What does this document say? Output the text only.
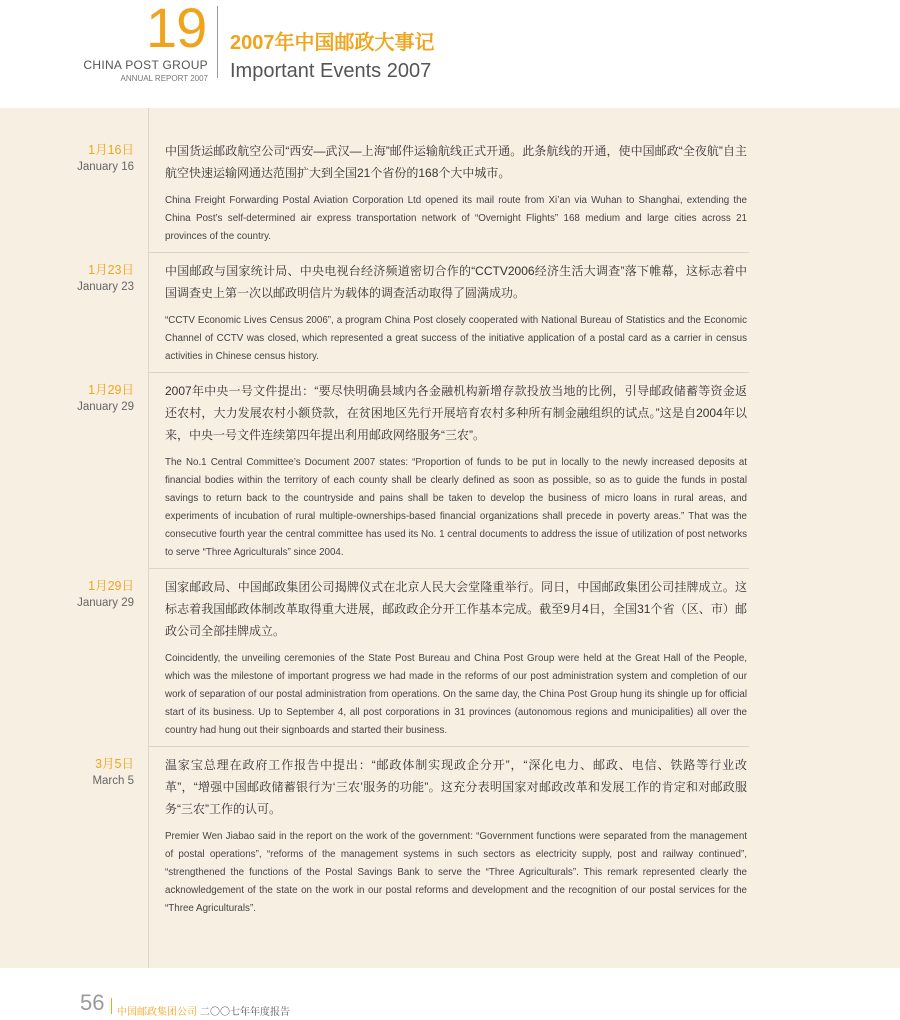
19
CHINA POST GROUP
ANNUAL REPORT 2007
2007年中国邮政大事记
Important Events 2007
1月16日
January 16

中国货运邮政航空公司“西安—武汉—上海”邮件运输航线正式开通。此条航线的开通，使中国邮政“全夜航”自主航空快速运输网通达范围扩大到全国21个省份的168个大中城市。

China Freight Forwarding Postal Aviation Corporation Ltd opened its mail route from Xi’an via Wuhan to Shanghai, extending the China Post’s self-determined air express transportation network of “Overnight Flights” 168 medium and large cities across 21 provinces of the country.

1月23日
January 23

中国邮政与国家统计局、中央电视台经济频道密切合作的“CCTV2006经济生活大调查”落下帷幕，这标志着中国调查史上第一次以邮政明信片为载体的调查活动取得了圆满成功。

“CCTV Economic Lives Census 2006”, a program China Post closely cooperated with National Bureau of Statistics and the Economic Channel of CCTV was closed, which represented a great success of the initiative application of a postal card as a carrier in census activities in Chinese census history.

1月29日
January 29

2007年中央一号文件提出：“要尽快明确县域内各金融机构新增存款投放当地的比例，引导邮政储蓄等资金返还农村，大力发展农村小额贷款，在贫困地区先行开展培育农村多种所有制金融组织的试点。”这是自2004年以来，中央一号文件连续第四年提出利用邮政网络服务“三农”。

The No.1 Central Committee’s Document 2007 states: “Proportion of funds to be put in locally to the newly increased deposits at financial bodies within the territory of each county shall be clearly defined as soon as possible, so as to guide the funds in postal savings to return back to the countryside and pains shall be taken to develop the business of micro loans in rural areas, and experiments of incubation of rural multiple-ownerships-based financial organizations shall precede in poverty areas.” That was the consecutive fourth year the central committee has used its No. 1 central documents to address the issue of utilization of post networks to serve “Three Agriculturals” since 2004.

1月29日
January 29

国家邮政局、中国邮政集团公司揭牌仪式在北京人民大会堂隆重举行。同日，中国邮政集团公司挂牌成立。这标志着我国邮政体制改革取得重大进展，邮政政企分开工作基本完成。截至9月4日，全国31个省（区、市）邮政公司全部挂牌成立。

Coincidently, the unveiling ceremonies of the State Post Bureau and China Post Group were held at the Great Hall of the People, which was the milestone of important progress we had made in the reforms of our post administration system and completion of our work of separation of our postal administration from operations. On the same day, the China Post Group hung its shingle up for official start of its business. Up to September 4, all post corporations in 31 provinces (autonomous regions and municipalities) all over the country had hung out their signboards and started their business.

3月5日
March 5

温家宝总理在政府工作报告中提出：“邮政体制实现政企分开”，“深化电力、邮政、电信、铁路等行业改革”，“增强中国邮政储蓄银行为‘三农’服务的功能”。这充分表明国家对邮政改革和发展工作的肯定和对邮政服务“三农”工作的认可。

Premier Wen Jiabao said in the report on the work of the government: “Government functions were separated from the management of postal operations”, “reforms of the management systems in such sectors as electricity supply, post and railway continued”, “strengthened the functions of the Postal Savings Bank to serve the “Three Agriculturals”. This remark represented clearly the acknowledgement of the state on the work in our postal reforms and development and the recognition of our postal services for the “Three Agriculturals”.

56 中国邮政集团公司 二〇〇七年年度报告
